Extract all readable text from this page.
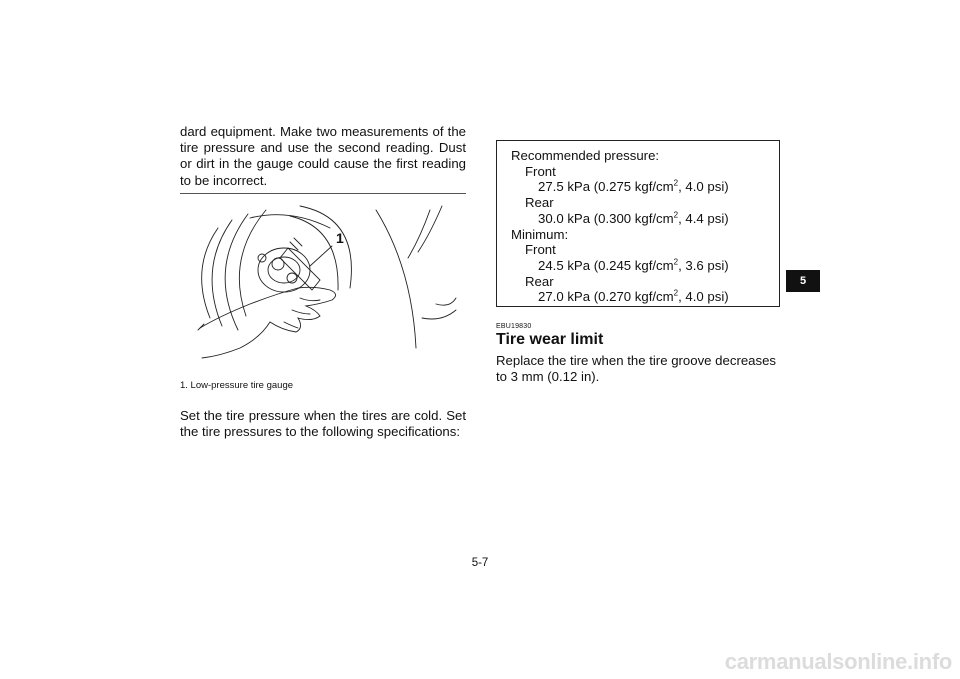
dard equipment. Make two measurements of the tire pressure and use the second reading. Dust or dirt in the gauge could cause the first reading to be incorrect.

1
1. Low-pressure tire gauge

Set the tire pressure when the tires are cold. Set the tire pressures to the following specifications:

Recommended pressure:
Front
27.5 kPa (0.275 kgf/$cm^2$, 4.0 psi)
Rear
30.0 kPa (0.300 kgf/$cm^2$, 4.4 psi)
Minimum:
Front
24.5 kPa (0.245 kgf/$cm^2$, 3.6 psi)
Rear
27.0 kPa (0.270 kgf/$cm^2$, 4.0 psi)
EBU19830
Tire wear limit

Replace the tire when the tire groove decreases to 3 mm (0.12 in).

5
5-7
carmanualsonline.info
